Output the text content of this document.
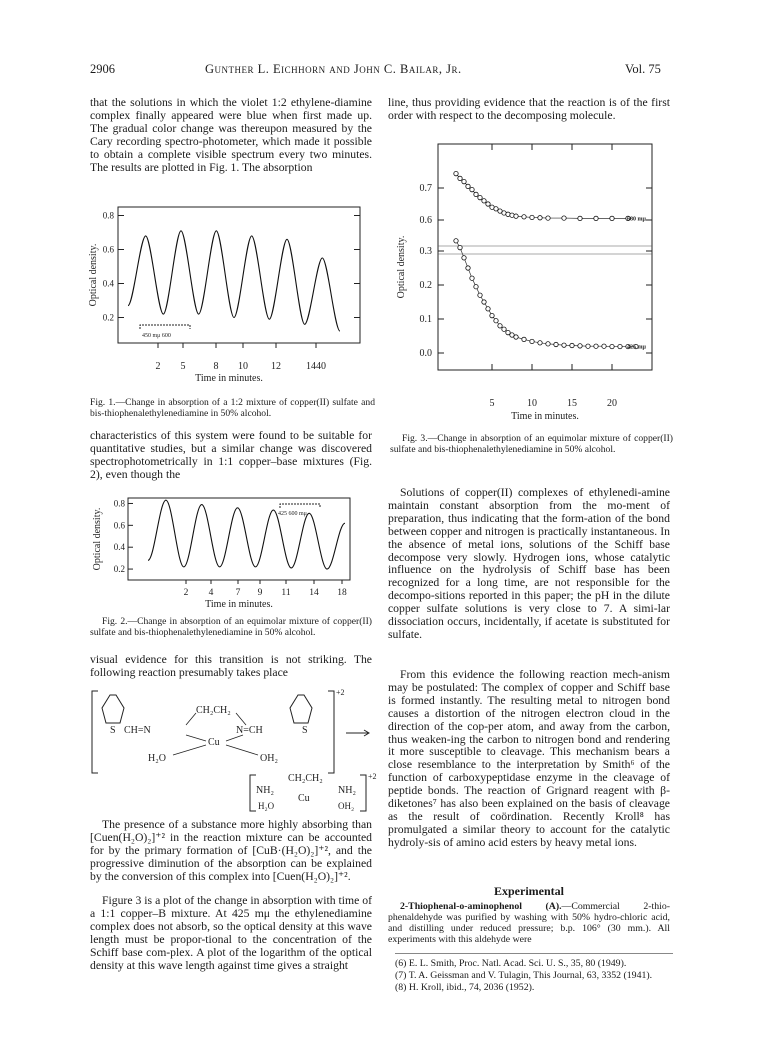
2906	Gunther L. Eichhorn and John C. Bailar, Jr.	Vol. 75

that the solutions in which the violet 1:2 ethylene-diamine complex finally appeared were blue when first made up. The gradual color change was thereupon measured by the Cary recording spectro-photometer, which made it possible to obtain a complete visible spectrum every two minutes. The results are plotted in Fig. 1. The absorption

0.2
0.4
0.6
0.8
2 5	8 10 12	1440
Time in minutes.
Optical density.
450 mμ 600

Fig. 1.—Change in absorption of a 1:2 mixture of copper(II) sulfate and bis-thiophenalethylenediamine in 50% alcohol.

characteristics of this system were found to be suitable for quantitative studies, but a similar change was discovered spectrophotometrically in 1:1 copper–base mixtures (Fig. 2), even though the

0.2
0.4
0.6
0.8
2 4 7 9 11 14 18
Time in minutes.
Optical density.	425 600 mμ

Fig. 2.—Change in absorption of an equimolar mixture of copper(II) sulfate and bis-thiophenalethylenediamine in 50% alcohol.

visual evidence for this transition is not striking. The following reaction presumably takes place

+2
S CH=N	S
N=CH
CH₂CH₂
Cu
H₂O	OH₂
+2
CH₂CH₂
NH₂	NH₂
Cu
H₂O	OH₂

The presence of a substance more highly absorbing than [Cuen(H₂O)₂]⁺² in the reaction mixture can be accounted for by the primary formation of [CuB·(H₂O)₂]⁺², and the progressive diminution of the absorption can be explained by the conversion of this complex into [Cuen(H₂O)₂]⁺².

Figure 3 is a plot of the change in absorption with time of a 1:1 copper–B mixture. At 425 mμ the ethylenediamine complex does not absorb, so the optical density at this wave length must be propor-tional to the concentration of the Schiff base com-plex. A plot of the logarithm of the optical density at this wave length against time gives a straight

line, thus providing evidence that the reaction is of the first order with respect to the decomposing molecule.

0.0
0.1
0.2
0.3
0.6
0.7
5	10	15	20
Time in minutes.
Optical density.
680 mμ
425 mμ

Fig. 3.—Change in absorption of an equimolar mixture of copper(II) sulfate and bis-thiophenalethylenediamine in 50% alcohol.

Solutions of copper(II) complexes of ethylenedi-amine maintain constant absorption from the mo-ment of preparation, thus indicating that the form-ation of the bond between copper and nitrogen is practically instantaneous. In the absence of metal ions, solutions of the Schiff base decompose very slowly. Hydrogen ions, whose catalytic influence on the hydrolysis of Schiff base has been recognized for a long time, are not responsible for the decompo-sitions reported in this paper; the pH in the dilute copper sulfate solutions is very close to 7. A simi-lar dissociation occurs, incidentally, if acetate is substituted for sulfate.

From this evidence the following reaction mech-anism may be postulated: The complex of copper and Schiff base is formed instantly. The resulting metal to nitrogen bond causes a distortion of the nitrogen electron cloud in the direction of the cop-per atom, and away from the carbon, thus weaken-ing the carbon to nitrogen bond and rendering it more susceptible to cleavage. This mechanism bears a close resemblance to the interpretation by Smith⁶ of the function of carboxypeptidase enzyme in the cleavage of peptide bonds. The reaction of Grignard reagent with β-diketones⁷ has also been explained on the basis of cleavage as the result of coördination. Recently Kroll⁸ has promulgated a similar theory to account for the catalytic hydroly-sis of amino acid esters by heavy metal ions.

Experimental

2-Thiophenal-o-aminophenol (A).—Commercial 2-thio-phenaldehyde was purified by washing with 50% hydro-chloric acid, and distilling under reduced pressure; b.p. 106° (30 mm.). All experiments with this aldehyde were

(6) E. L. Smith, Proc. Natl. Acad. Sci. U. S., 35, 80 (1949).

(7) T. A. Geissman and V. Tulagin, This Journal, 63, 3352 (1941).

(8) H. Kroll, ibid., 74, 2036 (1952).
